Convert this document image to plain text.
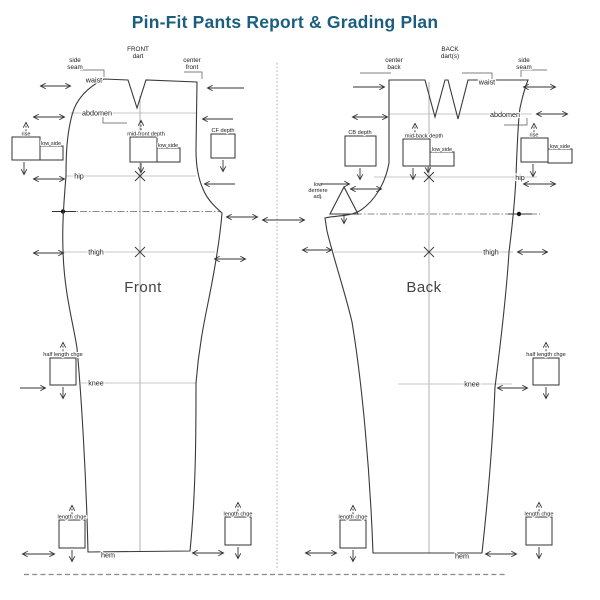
Pin-Fit Pants Report & Grading Plan
side
seam
FRONT
dart
center
front
waist
abdomen
hip
thigh
knee
hem
Front
rise
low side
mid-front depth
low side
CF depth
half length chge
length chge	length chge
low
derriere
adj.
center
back
BACK
dart(s)
side
seam
waist
abdomen
hip
thigh
knee
hem
Back
CB depth
mid-back depth
low side
rise
low side
half length chge
length chge	length chge
